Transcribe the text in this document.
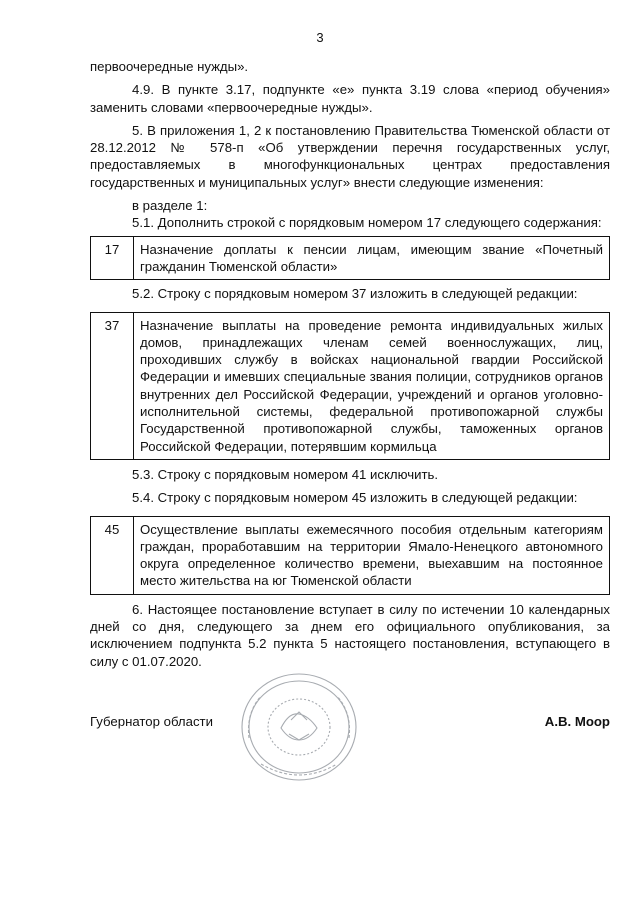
3

первоочередные нужды».

4.9. В пункте 3.17, подпункте «е» пункта 3.19 слова «период обучения» заменить словами «первоочередные нужды».

5. В приложения 1, 2 к постановлению Правительства Тюменской области от 28.12.2012 № 578-п «Об утверждении перечня государственных услуг, предоставляемых в многофункциональных центрах предоставления государственных и муниципальных услуг» внести следующие изменения:

в разделе 1:

5.1. Дополнить строкой с порядковым номером 17 следующего содержания:

17	Назначение доплаты к пенсии лицам, имеющим звание «Почетный гражданин Тюменской области»

5.2. Строку с порядковым номером 37 изложить в следующей редакции:

37	Назначение выплаты на проведение ремонта индивидуальных жилых домов, принадлежащих членам семей военнослужащих, лиц, проходивших службу в войсках национальной гвардии Российской Федерации и имевших специальные звания полиции, сотрудников органов внутренних дел Российской Федерации, учреждений и органов уголовно-исполнительной системы, федеральной противопожарной службы Государственной противопожарной службы, таможенных органов Российской Федерации, потерявшим кормильца

5.3. Строку с порядковым номером 41 исключить.

5.4. Строку с порядковым номером 45 изложить в следующей редакции:

45	Осуществление выплаты ежемесячного пособия отдельным категориям граждан, проработавшим на территории Ямало-Ненецкого автономного округа определенное количество времени, выехавшим на постоянное место жительства на юг Тюменской области

6. Настоящее постановление вступает в силу по истечении 10 календарных дней со дня, следующего за днем его официального опубликования, за исключением подпункта 5.2 пункта 5 настоящего постановления, вступающего в силу с 01.07.2020.

Губернатор области	А.В. Моор
